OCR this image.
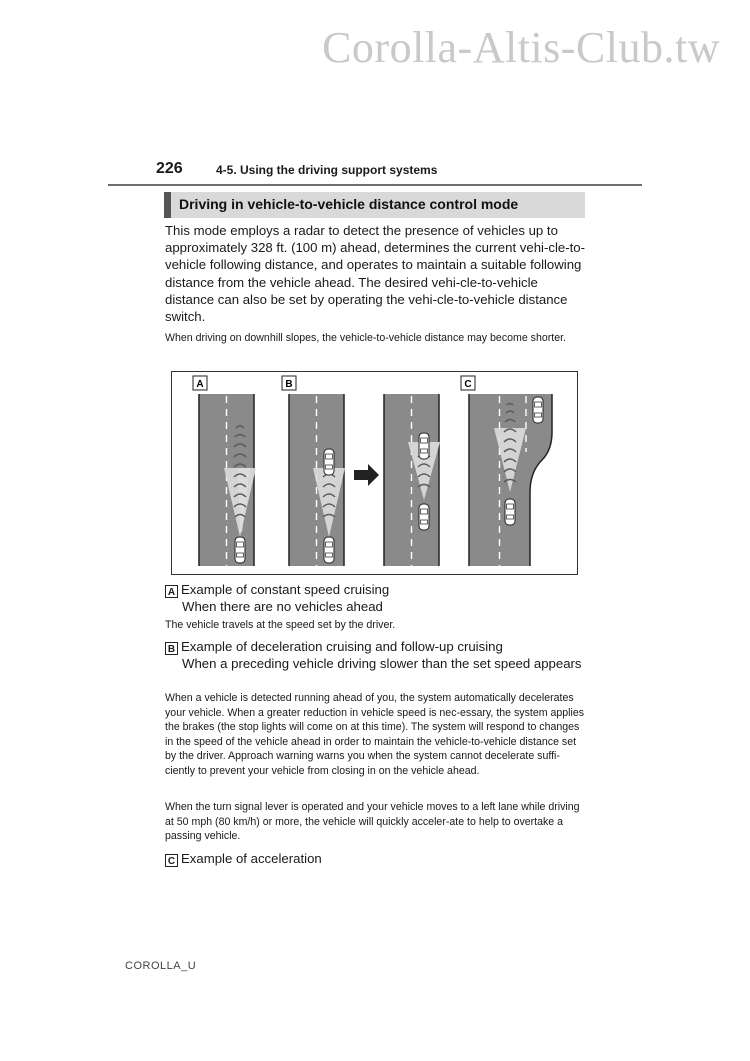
Corolla-Altis-Club.tw
226	4-5. Using the driving support systems
Driving in vehicle-to-vehicle distance control mode
This mode employs a radar to detect the presence of vehicles up to approximately 328 ft. (100 m) ahead, determines the current vehi-cle-to-vehicle following distance, and operates to maintain a suitable following distance from the vehicle ahead. The desired vehi-cle-to-vehicle distance can also be set by operating the vehi-cle-to-vehicle distance switch.
When driving on downhill slopes, the vehicle-to-vehicle distance may become shorter.
A	B	C
A Example of constant speed cruising
When there are no vehicles ahead
The vehicle travels at the speed set by the driver.
B Example of deceleration cruising and follow-up cruising
When a preceding vehicle driving slower than the set speed appears
When a vehicle is detected running ahead of you, the system automatically decelerates your vehicle. When a greater reduction in vehicle speed is nec-essary, the system applies the brakes (the stop lights will come on at this time). The system will respond to changes in the speed of the vehicle ahead in order to maintain the vehicle-to-vehicle distance set by the driver. Approach warning warns you when the system cannot decelerate suffi-ciently to prevent your vehicle from closing in on the vehicle ahead.
When the turn signal lever is operated and your vehicle moves to a left lane while driving at 50 mph (80 km/h) or more, the vehicle will quickly acceler-ate to help to overtake a passing vehicle.
C Example of acceleration
COROLLA_U
